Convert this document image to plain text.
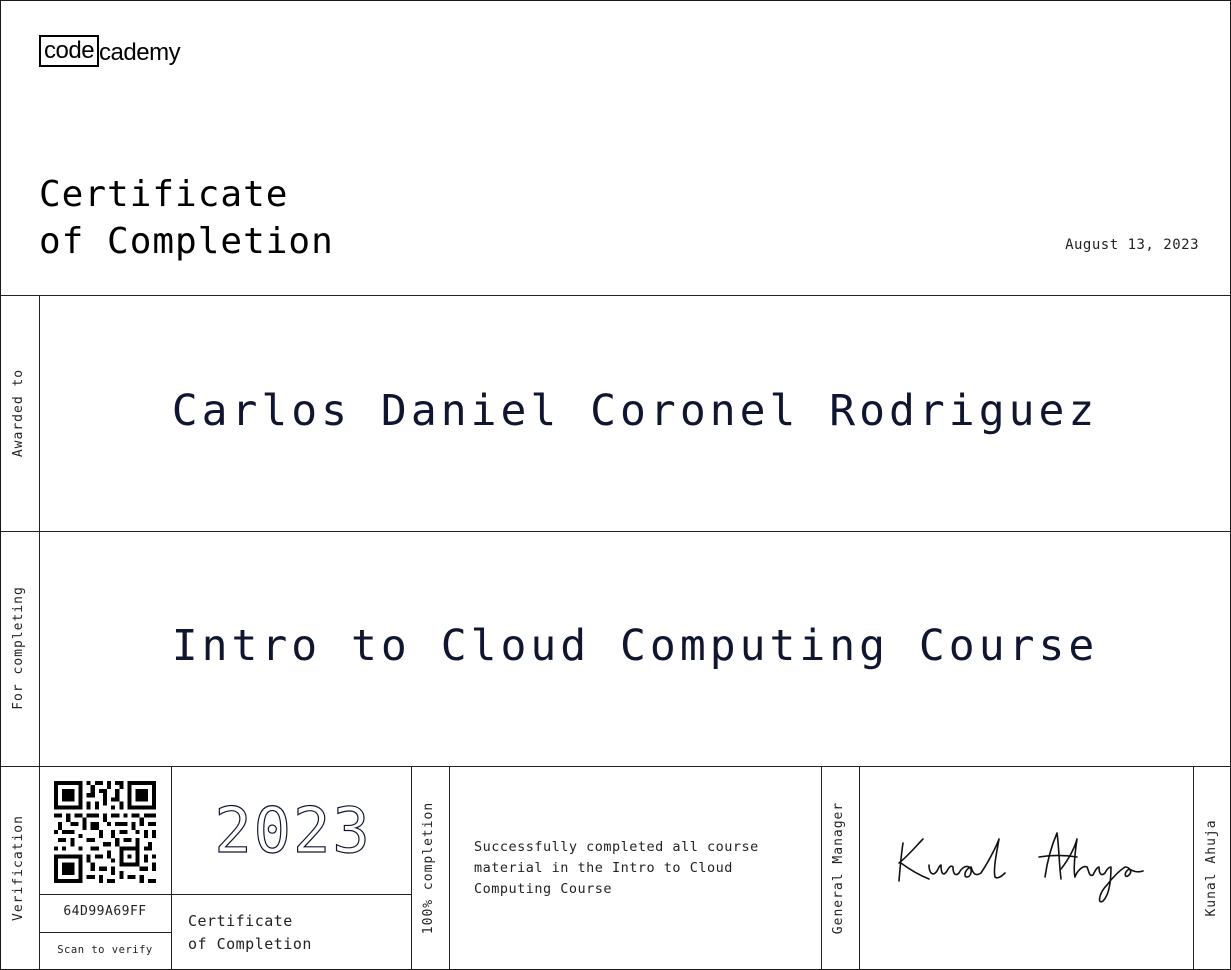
code cademy
Certificate
of Completion	August 13, 2023
Awarded to	Carlos Daniel Coronel Rodriguez
For completing	Intro to Cloud Computing Course
Verification	64D99A69FF
Scan to verify
2023
Certificate
of Completion
100% completion	Successfully completed all course material in the Intro to Cloud Computing Course	General Manager	Kunal Ahuja
